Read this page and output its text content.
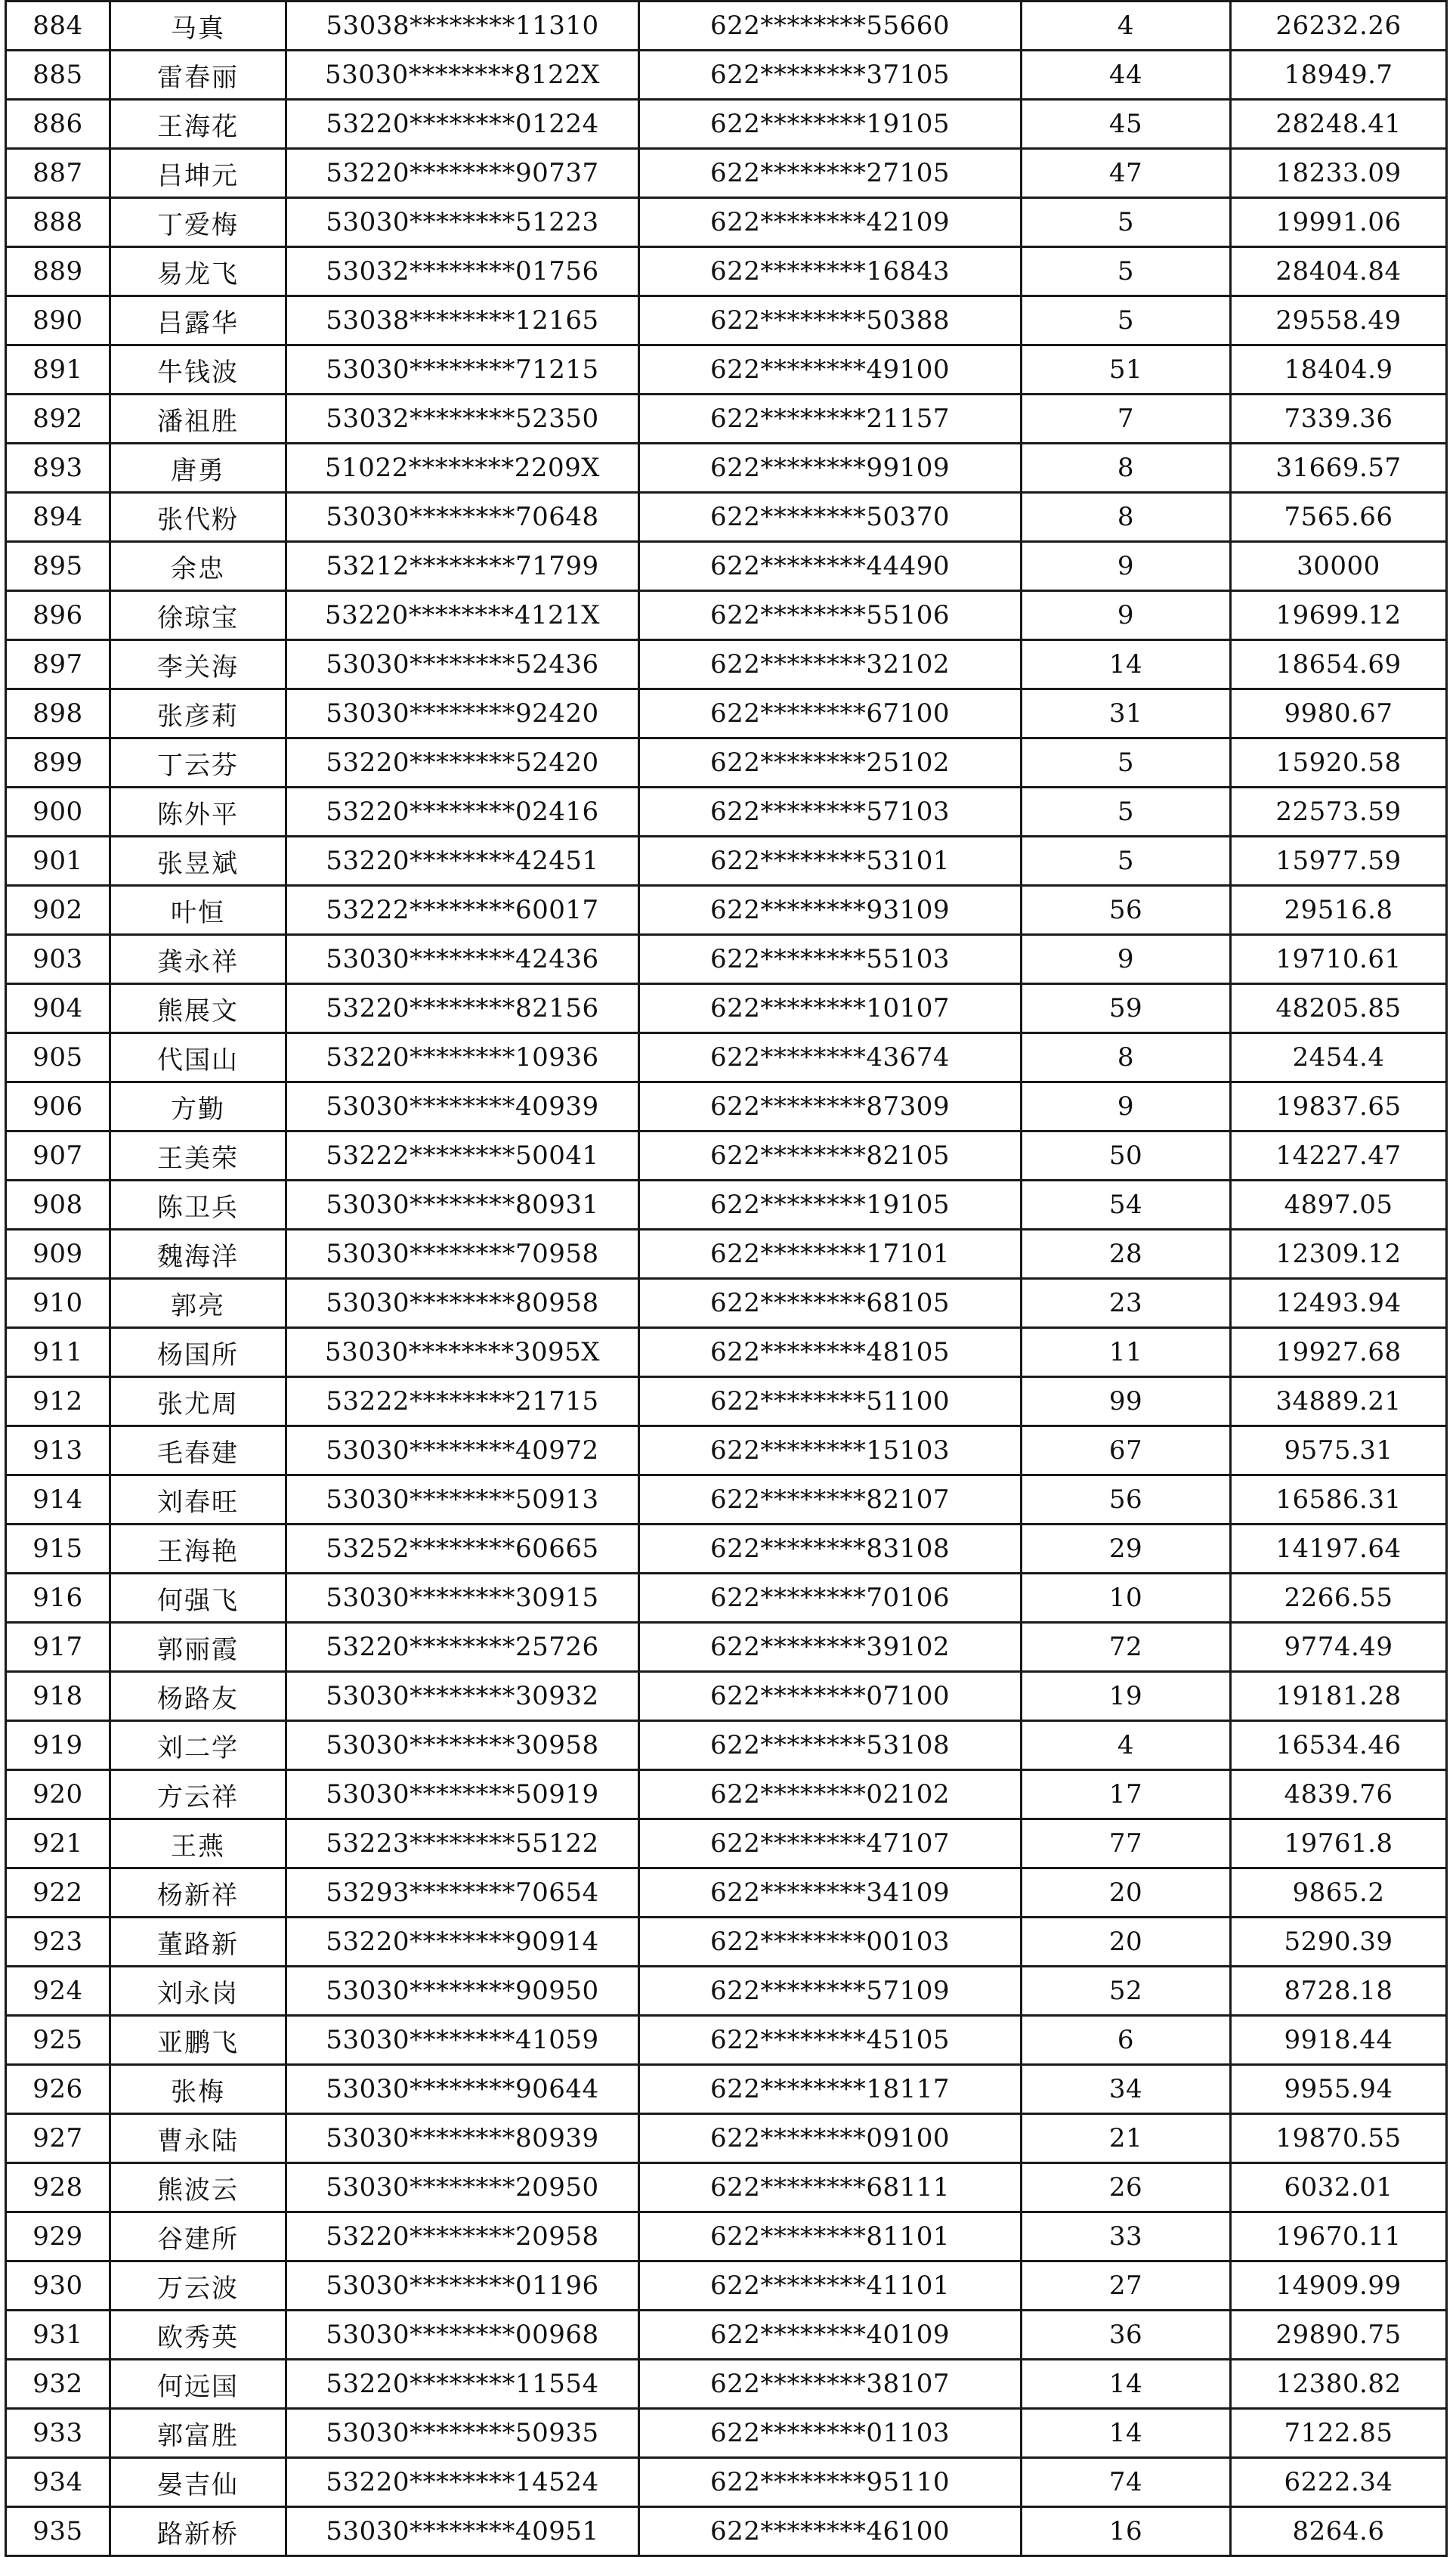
884	马真	53038********11310	622********55660	4	26232.26
885	雷春丽	53030********8122X	622********37105	44	18949.7
886	王海花	53220********01224	622********19105	45	28248.41
887	吕坤元	53220********90737	622********27105	47	18233.09
888	丁爱梅	53030********51223	622********42109	5	19991.06
889	易龙飞	53032********01756	622********16843	5	28404.84
890	吕露华	53038********12165	622********50388	5	29558.49
891	牛钱波	53030********71215	622********49100	51	18404.9
892	潘祖胜	53032********52350	622********21157	7	7339.36
893	唐勇	51022********2209X	622********99109	8	31669.57
894	张代粉	53030********70648	622********50370	8	7565.66
895	余忠	53212********71799	622********44490	9	30000
896	徐琼宝	53220********4121X	622********55106	9	19699.12
897	李关海	53030********52436	622********32102	14	18654.69
898	张彦莉	53030********92420	622********67100	31	9980.67
899	丁云芬	53220********52420	622********25102	5	15920.58
900	陈外平	53220********02416	622********57103	5	22573.59
901	张昱斌	53220********42451	622********53101	5	15977.59
902	叶恒	53222********60017	622********93109	56	29516.8
903	龚永祥	53030********42436	622********55103	9	19710.61
904	熊展文	53220********82156	622********10107	59	48205.85
905	代国山	53220********10936	622********43674	8	2454.4
906	方勤	53030********40939	622********87309	9	19837.65
907	王美荣	53222********50041	622********82105	50	14227.47
908	陈卫兵	53030********80931	622********19105	54	4897.05
909	魏海洋	53030********70958	622********17101	28	12309.12
910	郭亮	53030********80958	622********68105	23	12493.94
911	杨国所	53030********3095X	622********48105	11	19927.68
912	张尤周	53222********21715	622********51100	99	34889.21
913	毛春建	53030********40972	622********15103	67	9575.31
914	刘春旺	53030********50913	622********82107	56	16586.31
915	王海艳	53252********60665	622********83108	29	14197.64
916	何强飞	53030********30915	622********70106	10	2266.55
917	郭丽霞	53220********25726	622********39102	72	9774.49
918	杨路友	53030********30932	622********07100	19	19181.28
919	刘二学	53030********30958	622********53108	4	16534.46
920	方云祥	53030********50919	622********02102	17	4839.76
921	王燕	53223********55122	622********47107	77	19761.8
922	杨新祥	53293********70654	622********34109	20	9865.2
923	董路新	53220********90914	622********00103	20	5290.39
924	刘永岗	53030********90950	622********57109	52	8728.18
925	亚鹏飞	53030********41059	622********45105	6	9918.44
926	张梅	53030********90644	622********18117	34	9955.94
927	曹永陆	53030********80939	622********09100	21	19870.55
928	熊波云	53030********20950	622********68111	26	6032.01
929	谷建所	53220********20958	622********81101	33	19670.11
930	万云波	53030********01196	622********41101	27	14909.99
931	欧秀英	53030********00968	622********40109	36	29890.75
932	何远国	53220********11554	622********38107	14	12380.82
933	郭富胜	53030********50935	622********01103	14	7122.85
934	晏吉仙	53220********14524	622********95110	74	6222.34
935	路新桥	53030********40951	622********46100	16	8264.6
